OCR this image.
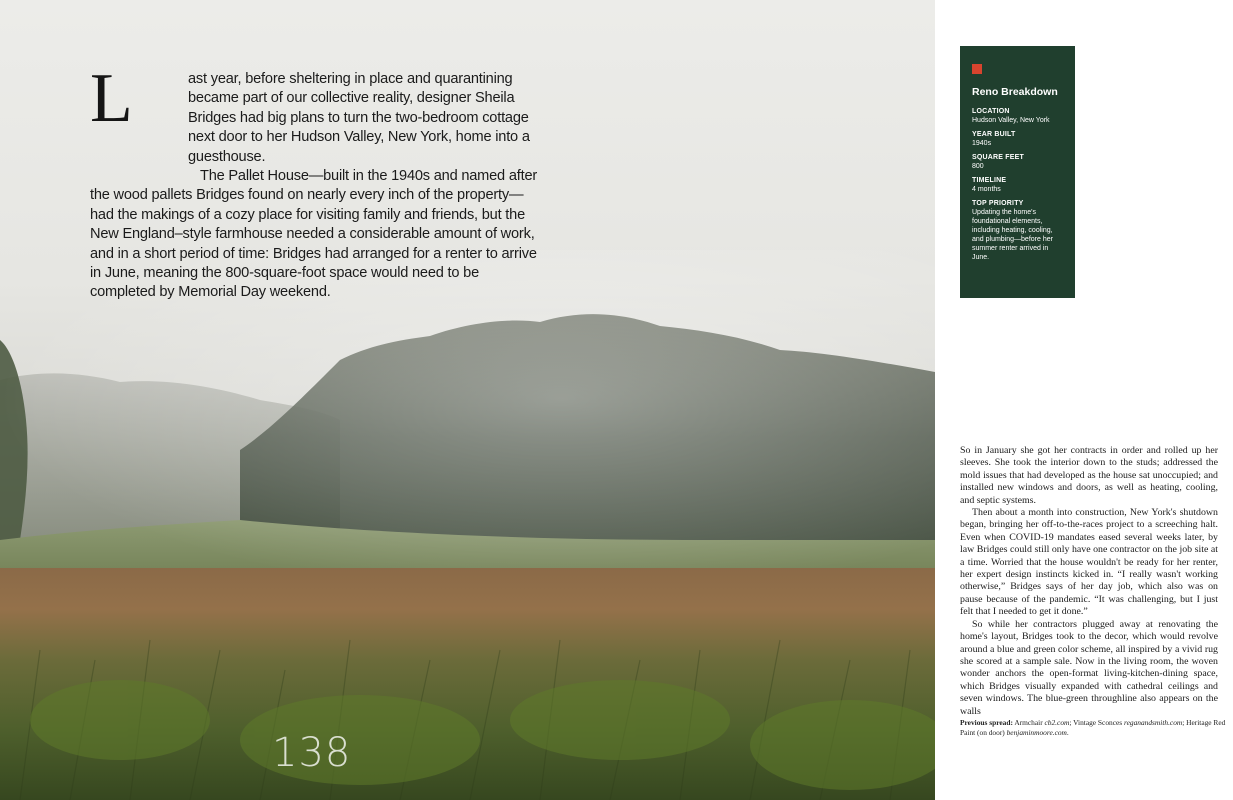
L	ast year, before sheltering in place and quarantining became part of our collective reality, designer Sheila Bridges had big plans to turn the two-bedroom cottage next door to her Hudson Valley, New York, home into a guesthouse.

The Pallet House—built in the 1940s and named after the wood pallets Bridges found on nearly every inch of the property—had the makings of a cozy place for visiting family and friends, but the New England–style farmhouse needed a considerable amount of work, and in a short period of time: Bridges had arranged for a renter to arrive in June, meaning the 800-square-foot space would need to be completed by Memorial Day weekend.

138
Reno Breakdown
LOCATION
Hudson Valley, New York
YEAR BUILT
1940s
SQUARE FEET
800
TIMELINE
4 months
TOP PRIORITY
Updating the home's foundational elements, including heating, cooling, and plumbing—before her summer renter arrived in June.

So in January she got her contracts in order and rolled up her sleeves. She took the interior down to the studs; addressed the mold issues that had developed as the house sat unoccupied; and installed new windows and doors, as well as heating, cooling, and septic systems.

Then about a month into construction, New York's shutdown began, bringing her off-to-the-races project to a screeching halt. Even when COVID-19 mandates eased several weeks later, by law Bridges could still only have one contractor on the job site at a time. Worried that the house wouldn't be ready for her renter, her expert design instincts kicked in. “I really wasn't working otherwise,” Bridges says of her day job, which also was on pause because of the pandemic. “It was challenging, but I just felt that I needed to get it done.”

So while her contractors plugged away at renovating the home's layout, Bridges took to the decor, which would revolve around a blue and green color scheme, all inspired by a vivid rug she scored at a sample sale. Now in the living room, the woven wonder anchors the open-format living-kitchen-dining space, which Bridges visually expanded with cathedral ceilings and seven windows. The blue-green throughline also appears on the walls

Previous spread: Armchair cb2.com; Vintage Sconces reganandsmith.com; Heritage Red Paint (on door) benjaminmoore.com.
